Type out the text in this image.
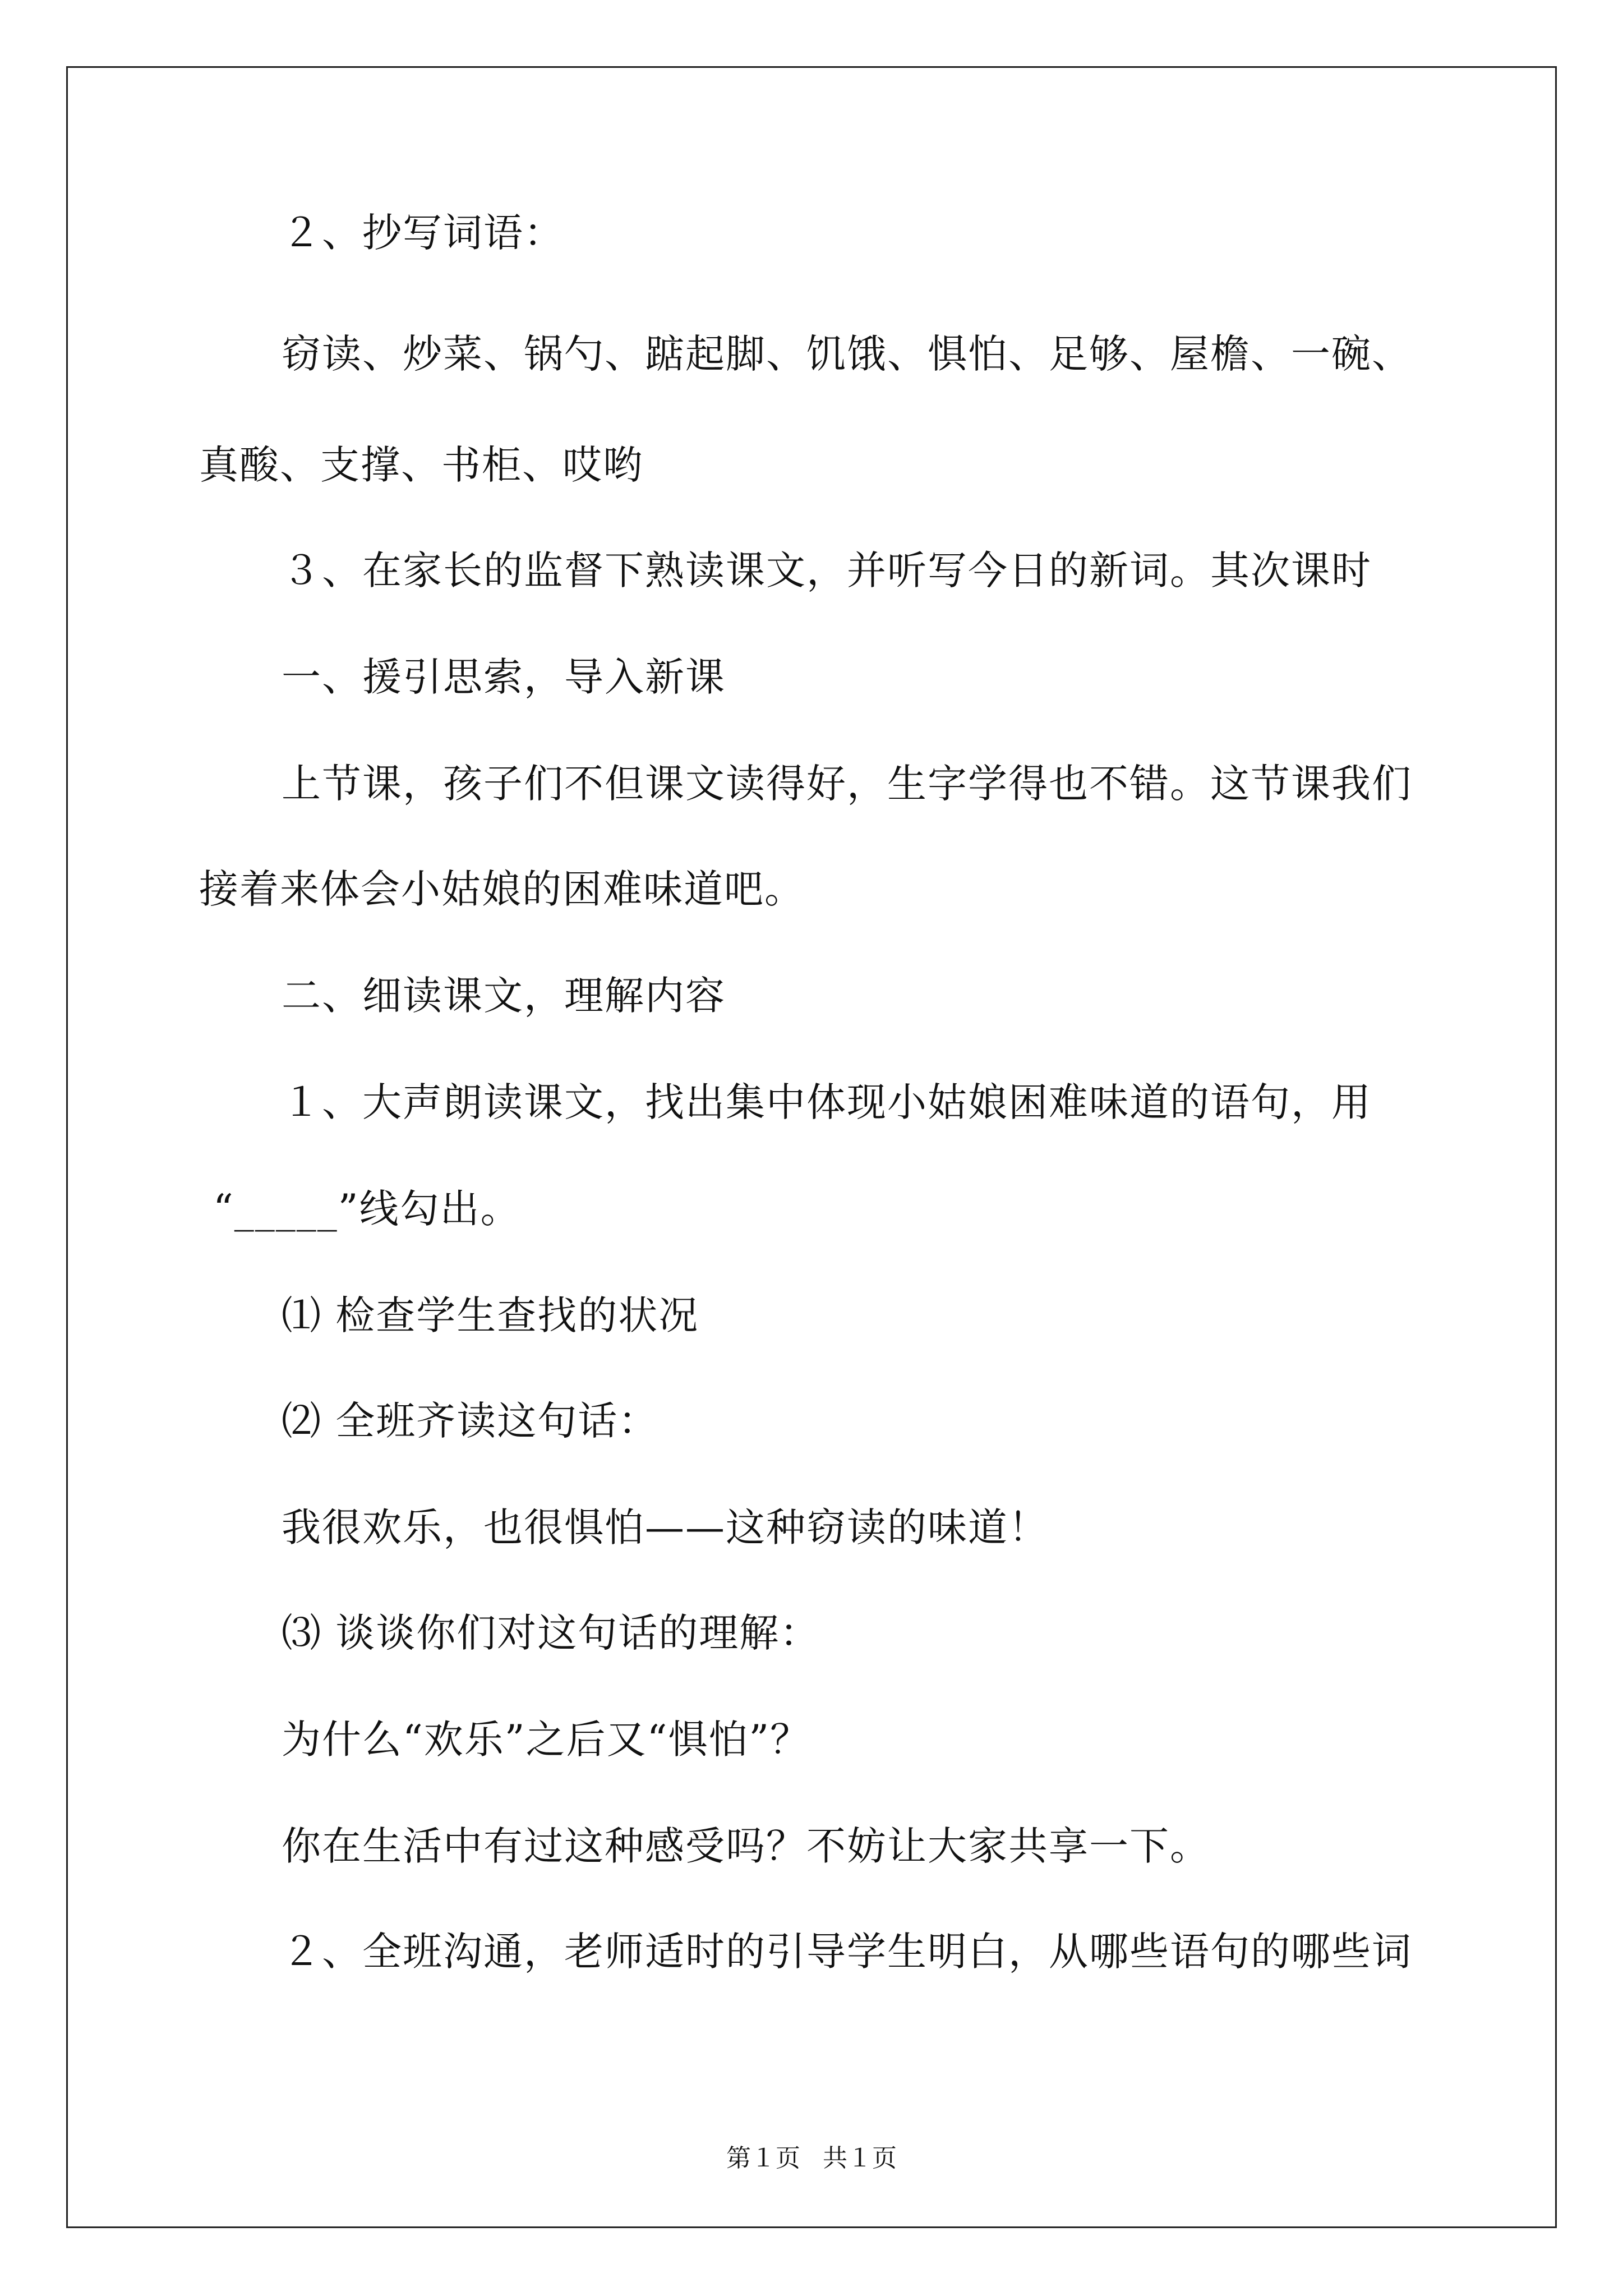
２、抄写词语：
窃读、炒菜、锅勺、踮起脚、饥饿、惧怕、足够、屋檐、一碗、
真酸、支撑、书柜、哎哟
３、在家长的监督下熟读课文，并听写今日的新词。其次课时
一、援引思索，导入新课
上节课，孩子们不但课文读得好，生字学得也不错。这节课我们
接着来体会小姑娘的困难味道吧。
二、细读课文，理解内容
１、大声朗读课文，找出集中体现小姑娘困难味道的语句，用
“_____”线勾出。
⑴ 检查学生查找的状况
⑵ 全班齐读这句话：
我很欢乐，也很惧怕——这种窃读的味道！
⑶ 谈谈你们对这句话的理解：
为什么“欢乐”之后又“惧怕”？
你在生活中有过这种感受吗？不妨让大家共享一下。
２、全班沟通，老师适时的引导学生明白，从哪些语句的哪些词
第１页 共１页
